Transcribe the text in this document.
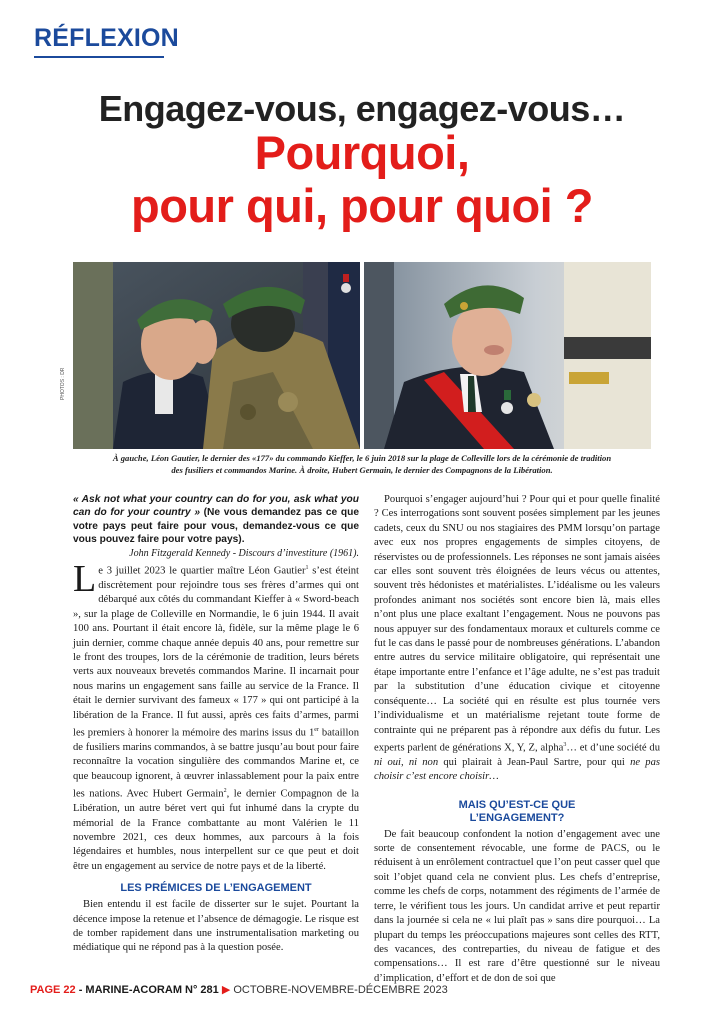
RÉFLEXION
Engagez-vous, engagez-vous…
Pourquoi,
pour qui, pour quoi ?
PHOTOS : DR
À gauche, Léon Gautier, le dernier des «177» du commando Kieffer, le 6 juin 2018 sur la plage de Colleville lors de la cérémonie de tradition
des fusiliers et commandos Marine. À droite, Hubert Germain, le dernier des Compagnons de la Libération.

« Ask not what your country can do for you, ask what you can do for your country » (Ne vous demandez pas ce que votre pays peut faire pour vous, demandez-vous ce que vous pouvez faire pour votre pays).

John Fitzgerald Kennedy - Discours d’investiture (1961).

Le 3 juillet 2023 le quartier maître Léon Gautier$^1$ s’est éteint discrètement pour rejoindre tous ses frères d’armes qui ont débarqué aux côtés du commandant Kieffer à « Sword-beach », sur la plage de Colleville en Normandie, le 6 juin 1944. Il avait 100 ans. Pourtant il était encore là, fidèle, sur la même plage le 6 juin dernier, comme chaque année depuis 40 ans, pour remettre sur le front des troupes, lors de la cérémonie de tradition, leurs bérets verts aux nouveaux brevetés commandos Marine. Il incarnait pour nous marins un engagement sans faille au service de la France. Il était le dernier survivant des fameux « 177 » qui ont participé à la libération de la France. Il fut aussi, après ces faits d’armes, parmi les premiers à honorer la mémoire des marins issus du 1er bataillon de fusiliers marins commandos, à se battre jusqu’au bout pour faire reconnaître la vocation singulière des commandos Marine et, ce que beaucoup ignorent, à œuvrer inlassablement pour la paix entre les nations. Avec Hubert Germain$^2$, le dernier Compagnon de la Libération, un autre béret vert qui fut inhumé dans la crypte du mémorial de la France combattante au mont Valérien le 11 novembre 2021, ces deux hommes, aux parcours à la fois légendaires et humbles, nous interpellent sur ce que peut et doit être un engagement au service de notre pays et de la liberté.

LES PRÉMICES DE L’ENGAGEMENT

Bien entendu il est facile de disserter sur le sujet. Pourtant la décence impose la retenue et l’absence de démagogie. Le risque est de tomber rapidement dans une instrumentalisation marketing ou médiatique qui ne répond pas à la question posée.

Pourquoi s’engager aujourd’hui ? Pour qui et pour quelle finalité ? Ces interrogations sont souvent posées simplement par les jeunes cadets, ceux du SNU ou nos stagiaires des PMM lorsqu’on partage avec eux nos propres engagements de simples citoyens, de réservistes ou de professionnels. Les réponses ne sont jamais aisées car elles sont souvent très éloignées de leurs vécus ou attentes, souvent très hédonistes et matérialistes. L’idéalisme ou les valeurs profondes animant nos sociétés sont encore bien là, mais elles n’ont plus une place exaltant l’engagement. Nous ne pouvons pas nous appuyer sur des fondamentaux moraux et culturels comme ce fut le cas dans le passé pour de nombreuses générations. L’abandon entre autres du service militaire obligatoire, qui représentait une étape importante entre l’enfance et l’âge adulte, ne s’est pas traduit par la substitution d’une éducation civique et citoyenne conséquente… La société qui en résulte est plus tournée vers l’individualisme et un matérialisme rejetant toute forme de contrainte qui ne préparent pas à répondre aux défis du futur. Les experts parlent de générations X, Y, Z, alpha$^3$… et d’une société du ni oui, ni non qui plairait à Jean-Paul Sartre, pour qui ne pas choisir c’est encore choisir…

MAIS QU’EST-CE QUE
L’ENGAGEMENT?

De fait beaucoup confondent la notion d’engagement avec une sorte de consentement révocable, une forme de PACS, ou le réduisent à un enrôlement contractuel que l’on peut casser quel que soit l’objet quand cela ne convient plus. Les chefs d’entreprise, comme les chefs de corps, notamment des régiments de l’armée de terre, le vérifient tous les jours. Un candidat arrive et peut repartir dans la journée si cela ne « lui plaît pas » sans dire pourquoi… La plupart du temps les préoccupations majeures sont celles des RTT, des vacances, des contreparties, du niveau de fatigue et des compensations… Il est rare d’être questionné sur le niveau d’implication, d’effort et de don de soi que

PAGE 22 - MARINE-ACORAM N° 281 ▶ OCTOBRE-NOVEMBRE-DÉCEMBRE 2023
